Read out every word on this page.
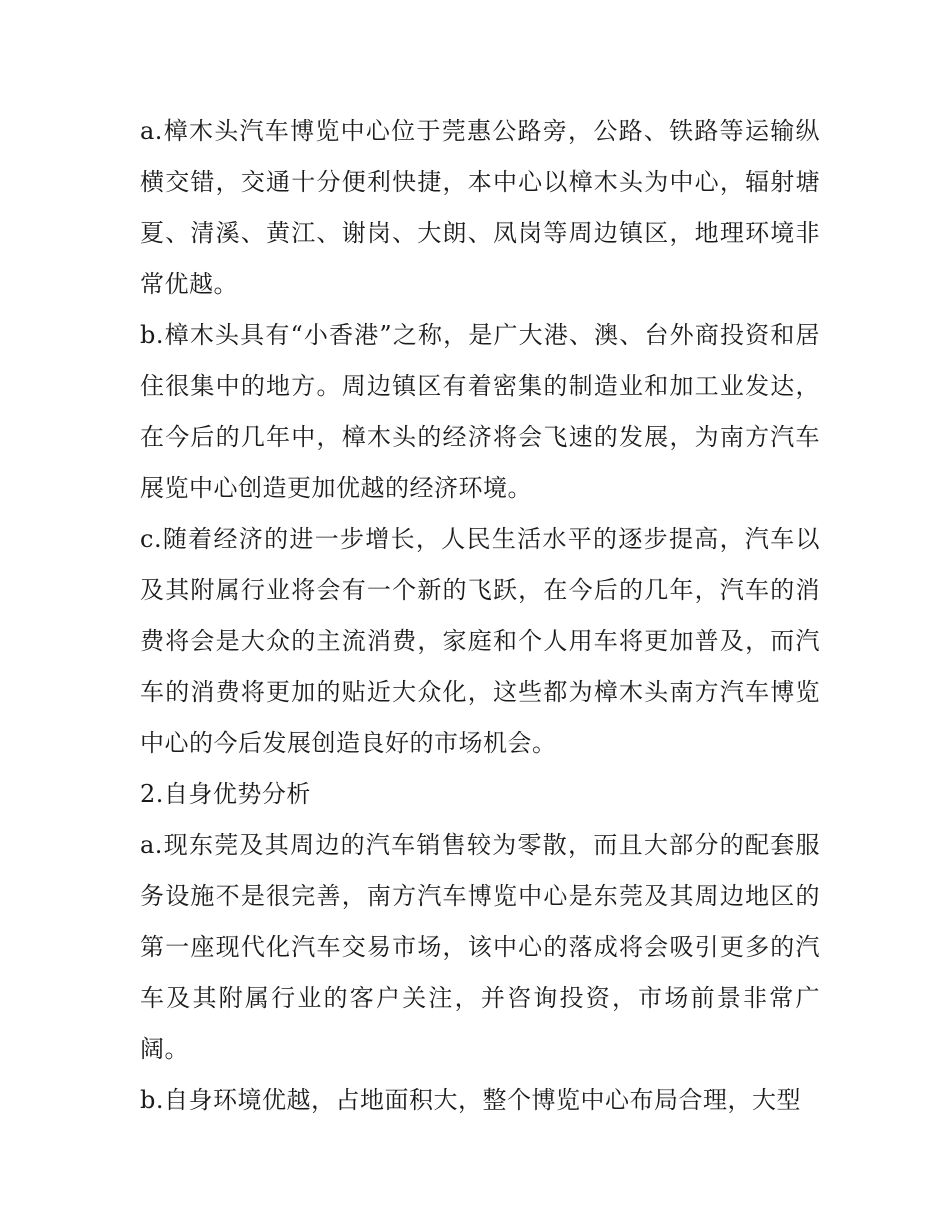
a.樟木头汽车博览中心位于莞惠公路旁，公路、铁路等运输纵横交错，交通十分便利快捷，本中心以樟木头为中心，辐射塘夏、清溪、黄江、谢岗、大朗、凤岗等周边镇区，地理环境非常优越。

b.樟木头具有“小香港”之称，是广大港、澳、台外商投资和居住很集中的地方。周边镇区有着密集的制造业和加工业发达，在今后的几年中，樟木头的经济将会飞速的发展，为南方汽车展览中心创造更加优越的经济环境。

c.随着经济的进一步增长，人民生活水平的逐步提高，汽车以及其附属行业将会有一个新的飞跃，在今后的几年，汽车的消费将会是大众的主流消费，家庭和个人用车将更加普及，而汽车的消费将更加的贴近大众化，这些都为樟木头南方汽车博览中心的今后发展创造良好的市场机会。

2.自身优势分析

a.现东莞及其周边的汽车销售较为零散，而且大部分的配套服务设施不是很完善，南方汽车博览中心是东莞及其周边地区的第一座现代化汽车交易市场，该中心的落成将会吸引更多的汽车及其附属行业的客户关注，并咨询投资，市场前景非常广阔。

b.自身环境优越，占地面积大，整个博览中心布局合理，大型
